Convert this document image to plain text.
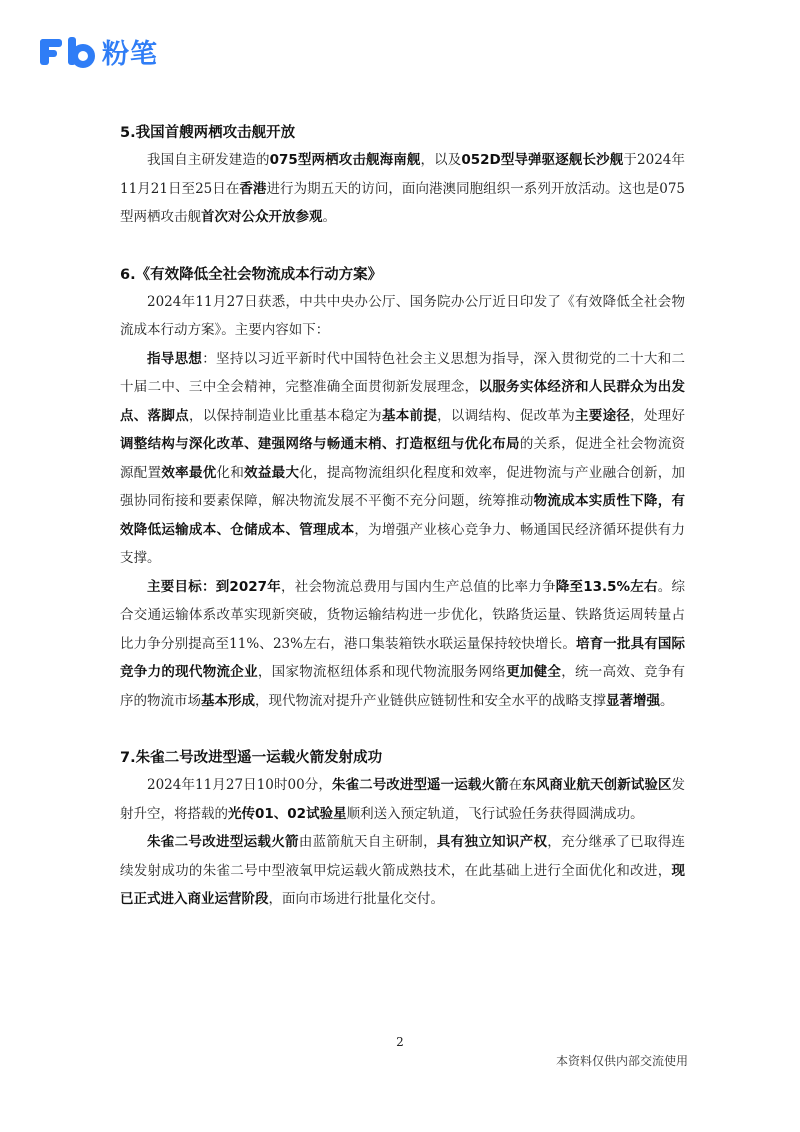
粉笔
5.我国首艘两栖攻击舰开放

我国自主研发建造的075型两栖攻击舰海南舰，以及052D型导弹驱逐舰长沙舰于2024年11月21日至25日在香港进行为期五天的访问，面向港澳同胞组织一系列开放活动。这也是075型两栖攻击舰首次对公众开放参观。

6.《有效降低全社会物流成本行动方案》

2024年11月27日获悉，中共中央办公厅、国务院办公厅近日印发了《有效降低全社会物流成本行动方案》。主要内容如下：

指导思想：坚持以习近平新时代中国特色社会主义思想为指导，深入贯彻党的二十大和二十届二中、三中全会精神，完整准确全面贯彻新发展理念，以服务实体经济和人民群众为出发点、落脚点，以保持制造业比重基本稳定为基本前提，以调结构、促改革为主要途径，处理好调整结构与深化改革、建强网络与畅通末梢、打造枢纽与优化布局的关系，促进全社会物流资源配置效率最优化和效益最大化，提高物流组织化程度和效率，促进物流与产业融合创新，加强协同衔接和要素保障，解决物流发展不平衡不充分问题，统筹推动物流成本实质性下降，有效降低运输成本、仓储成本、管理成本，为增强产业核心竞争力、畅通国民经济循环提供有力支撑。

主要目标：到2027年，社会物流总费用与国内生产总值的比率力争降至13.5%左右。综合交通运输体系改革实现新突破，货物运输结构进一步优化，铁路货运量、铁路货运周转量占比力争分别提高至11%、23%左右，港口集装箱铁水联运量保持较快增长。培育一批具有国际竞争力的现代物流企业，国家物流枢纽体系和现代物流服务网络更加健全，统一高效、竞争有序的物流市场基本形成，现代物流对提升产业链供应链韧性和安全水平的战略支撑显著增强。

7.朱雀二号改进型遥一运载火箭发射成功

2024年11月27日10时00分，朱雀二号改进型遥一运载火箭在东风商业航天创新试验区发射升空，将搭载的光传01、02试验星顺利送入预定轨道，飞行试验任务获得圆满成功。

朱雀二号改进型运载火箭由蓝箭航天自主研制，具有独立知识产权，充分继承了已取得连续发射成功的朱雀二号中型液氧甲烷运载火箭成熟技术，在此基础上进行全面优化和改进，现已正式进入商业运营阶段，面向市场进行批量化交付。

2
本资料仅供内部交流使用
